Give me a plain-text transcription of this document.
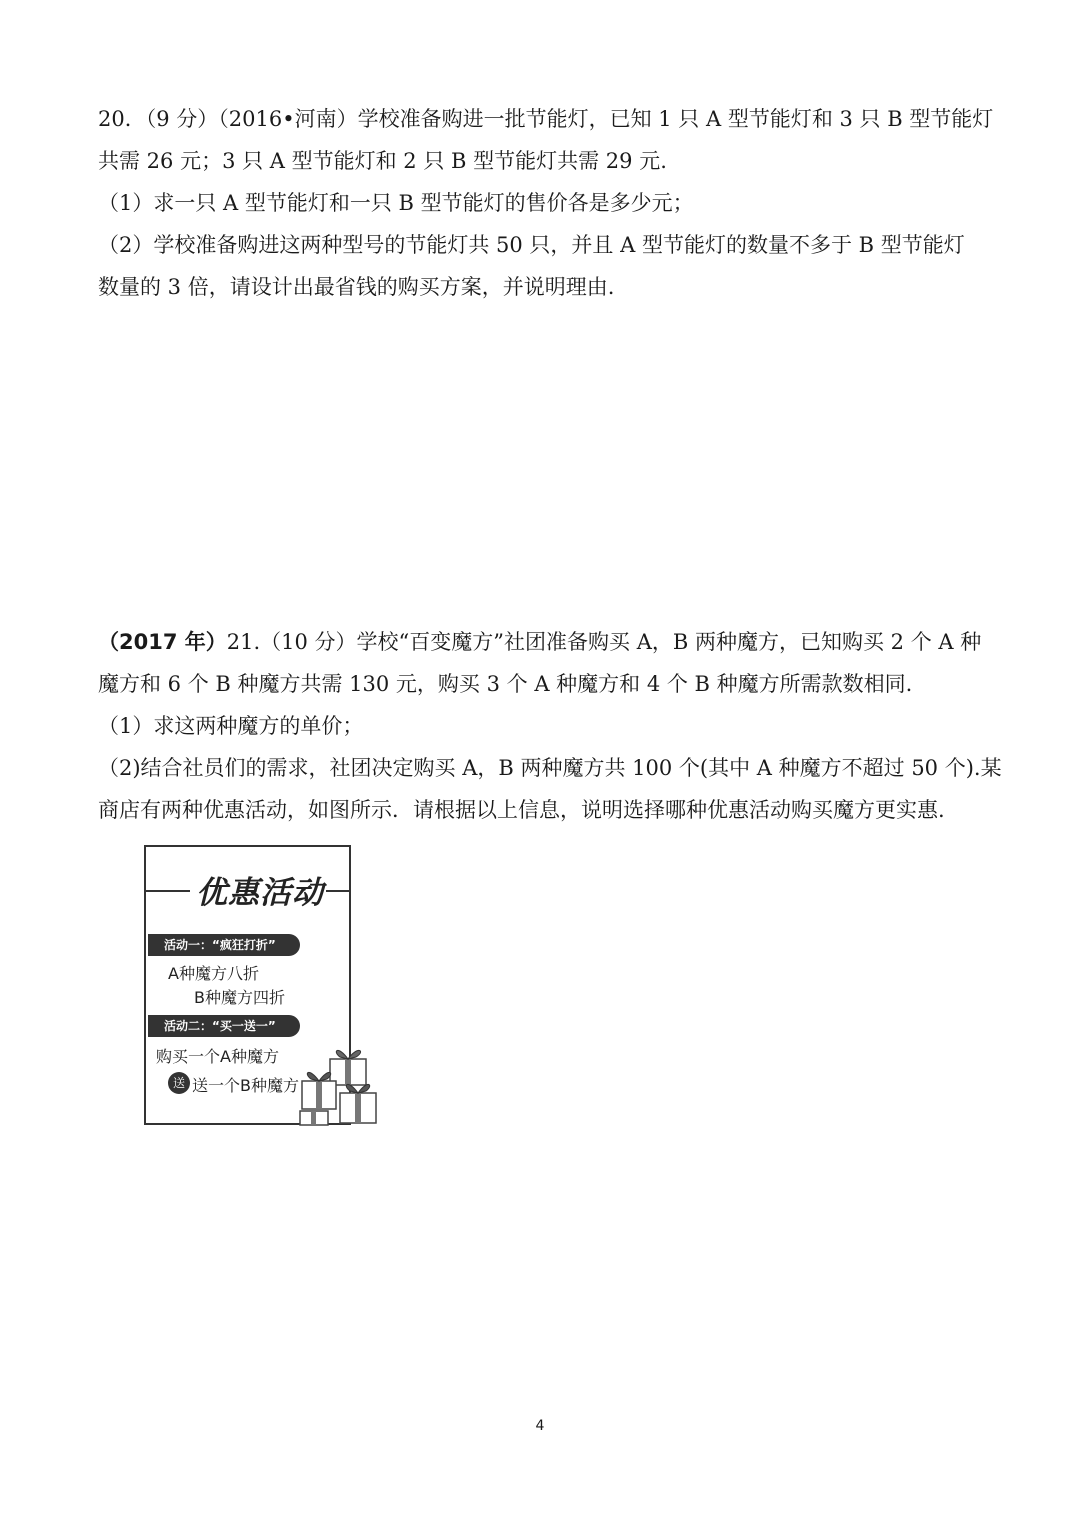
20．（9 分）（2016•河南）学校准备购进一批节能灯，已知 1 只 A 型节能灯和 3 只 B 型节能灯
共需 26 元；3 只 A 型节能灯和 2 只 B 型节能灯共需 29 元.
（1）求一只 A 型节能灯和一只 B 型节能灯的售价各是多少元；
（2）学校准备购进这两种型号的节能灯共 50 只，并且 A 型节能灯的数量不多于 B 型节能灯
数量的 3 倍，请设计出最省钱的购买方案，并说明理由.
（2017 年）21.（10 分）学校“百变魔方”社团准备购买 A，B 两种魔方，已知购买 2 个 A 种
魔方和 6 个 B 种魔方共需 130 元，购买 3 个 A 种魔方和 4 个 B 种魔方所需款数相同.
（1）求这两种魔方的单价；
（2)结合社员们的需求，社团决定购买 A，B 两种魔方共 100 个(其中 A 种魔方不超过 50 个).某
商店有两种优惠活动，如图所示．请根据以上信息，说明选择哪种优惠活动购买魔方更实惠.
优惠活动
活动一：“疯狂打折”
A种魔方八折
B种魔方四折
活动二：“买一送一”
购买一个A种魔方
送一个B种魔方
送
4
